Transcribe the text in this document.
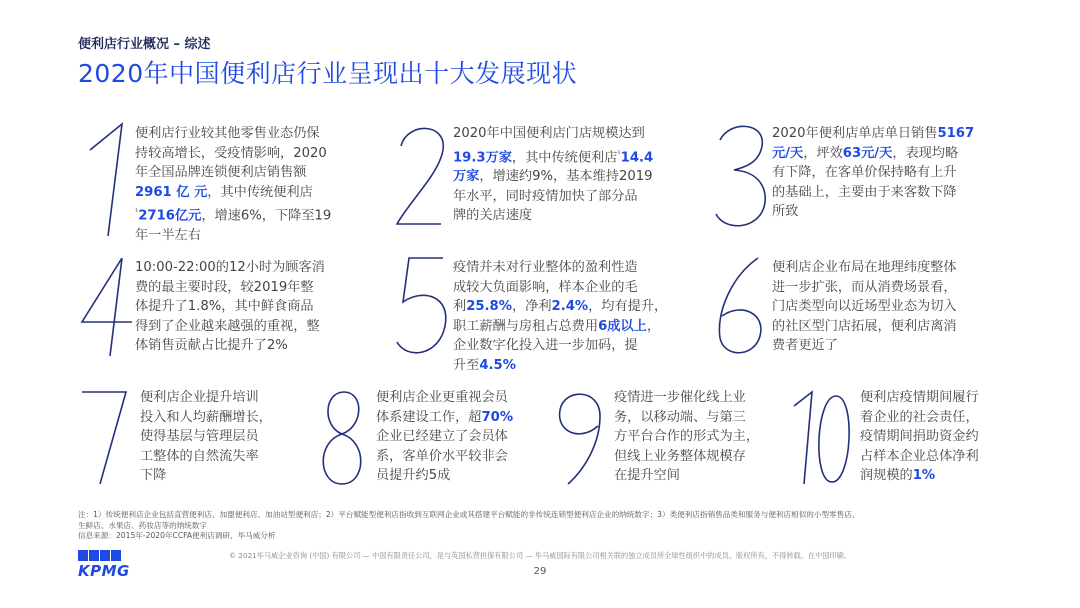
便利店行业概况 – 综述
2020年中国便利店行业呈现出十大发展现状
便利店行业较其他零售业态仍保
持较高增长，受疫情影响，2020
年全国品牌连锁便利店销售额
2961 亿 元，其中传统便利店
$^{^1}$2716亿元，增速6%，下降至19
年一半左右
2020年中国便利店门店规模达到
19.3万家，其中传统便利店$^{^1}$14.4
万家，增速约9%，基本维持2019
年水平，同时疫情加快了部分品
牌的关店速度
2020年便利店单店单日销售5167
元/天，坪效63元/天，表现均略
有下降，在客单价保持略有上升
的基础上，主要由于来客数下降
所致
10:00-22:00的12小时为顾客消
费的最主要时段，较2019年整
体提升了1.8%，其中鲜食商品
得到了企业越来越强的重视，整
体销售贡献占比提升了2%
疫情并未对行业整体的盈利性造
成较大负面影响，样本企业的毛
利25.8%，净利2.4%，均有提升，
职工薪酬与房租占总费用6成以上，
企业数字化投入进一步加码，提
升至4.5%
便利店企业布局在地理纬度整体
进一步扩张，而从消费场景看，
门店类型向以近场型业态为切入
的社区型门店拓展，便利店离消
费者更近了
便利店企业提升培训
投入和人均薪酬增长，
使得基层与管理层员
工整体的自然流失率
下降
便利店企业更重视会员
体系建设工作，超70%
企业已经建立了会员体
系，客单价水平较非会
员提升约5成
疫情进一步催化线上业
务，以移动端、与第三
方平台合作的形式为主，
但线上业务整体规模存
在提升空间
便利店疫情期间履行
着企业的社会责任，
疫情期间捐助资金约
占样本企业总体净利
润规模的1%
注：1）传统便利店企业包括直营便利店、加盟便利店、加油站型便利店；2）平台赋能型便利店指收到互联网企业或其搭建平台赋能的非传统连锁型便利店企业的纳统数字；3）类便利店指销售品类和服务与便利店相似的小型零售店、
生鲜店、水果店、药妆店等的纳统数字
信息来源：2015年-2020年CCFA便利店调研，毕马威分析
KPMG
© 2021毕马威企业咨询 (中国) 有限公司 — 中国有限责任公司，是与英国私营担保有限公司 — 毕马威国际有限公司相关联的独立成员所全球性组织中的成员。版权所有，不得转载。在中国印刷。
29
